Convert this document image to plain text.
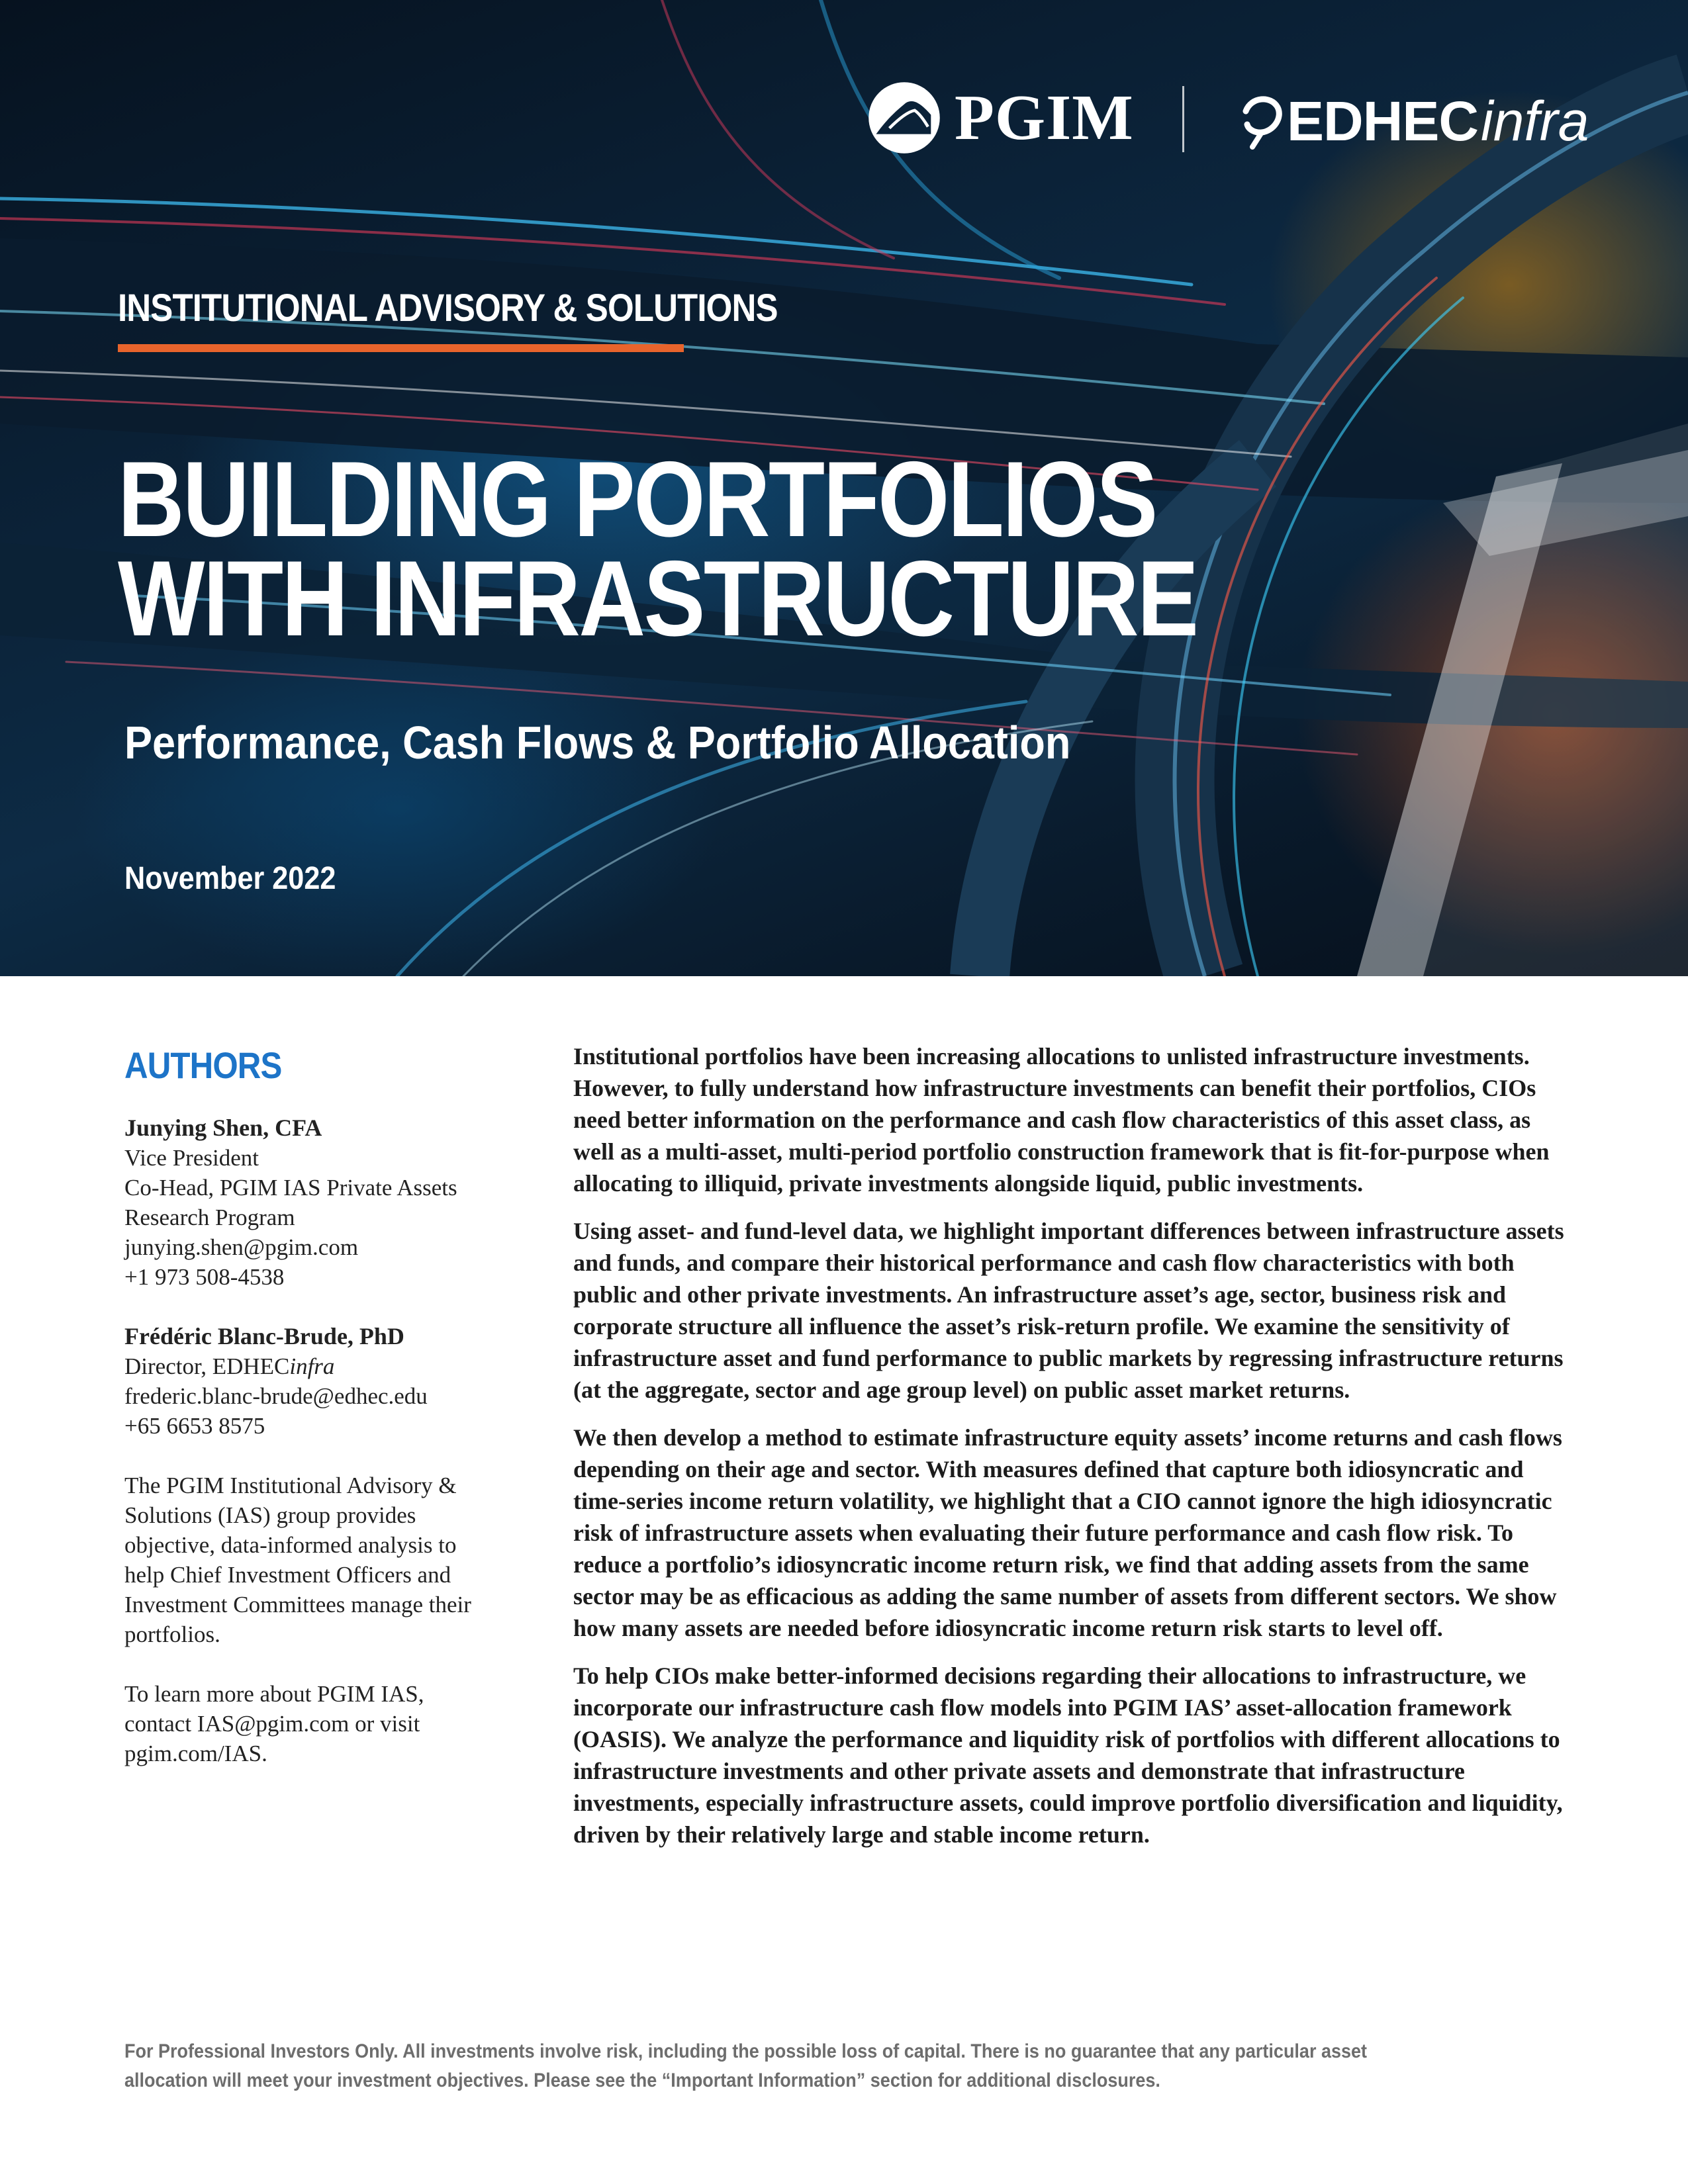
PGIM	EDHEC infra
INSTITUTIONAL ADVISORY & SOLUTIONS
BUILDING PORTFOLIOS WITH INFRASTRUCTURE
Performance, Cash Flows & Portfolio Allocation
November 2022
AUTHORS
Junying Shen, CFA
Vice President
Co-Head, PGIM IAS Private Assets Research Program
junying.shen@pgim.com
+1 973 508-4538
Frédéric Blanc-Brude, PhD
Director, EDHECinfra
frederic.blanc-brude@edhec.edu
+65 6653 8575

The PGIM Institutional Advisory & Solutions (IAS) group provides objective, data-informed analysis to help Chief Investment Officers and Investment Committees manage their portfolios.

To learn more about PGIM IAS, contact IAS@pgim.com or visit pgim.com/IAS.

Institutional portfolios have been increasing allocations to unlisted infrastructure investments. However, to fully understand how infrastructure investments can benefit their portfolios, CIOs need better information on the performance and cash flow characteristics of this asset class, as well as a multi-asset, multi-period portfolio construction framework that is fit-for-purpose when allocating to illiquid, private investments alongside liquid, public investments.

Using asset- and fund-level data, we highlight important differences between infrastructure assets and funds, and compare their historical performance and cash flow characteristics with both public and other private investments. An infrastructure asset’s age, sector, business risk and corporate structure all influence the asset’s risk-return profile. We examine the sensitivity of infrastructure asset and fund performance to public markets by regressing infrastructure returns (at the aggregate, sector and age group level) on public asset market returns.

We then develop a method to estimate infrastructure equity assets’ income returns and cash flows depending on their age and sector. With measures defined that capture both idiosyncratic and time-series income return volatility, we highlight that a CIO cannot ignore the high idiosyncratic risk of infrastructure assets when evaluating their future performance and cash flow risk. To reduce a portfolio’s idiosyncratic income return risk, we find that adding assets from the same sector may be as efficacious as adding the same number of assets from different sectors. We show how many assets are needed before idiosyncratic income return risk starts to level off.

To help CIOs make better-informed decisions regarding their allocations to infrastructure, we incorporate our infrastructure cash flow models into PGIM IAS’ asset-allocation framework (OASIS). We analyze the performance and liquidity risk of portfolios with different allocations to infrastructure investments and other private assets and demonstrate that infrastructure investments, especially infrastructure assets, could improve portfolio diversification and liquidity, driven by their relatively large and stable income return.

For Professional Investors Only. All investments involve risk, including the possible loss of capital. There is no guarantee that any particular asset allocation will meet your investment objectives. Please see the “Important Information” section for additional disclosures.
